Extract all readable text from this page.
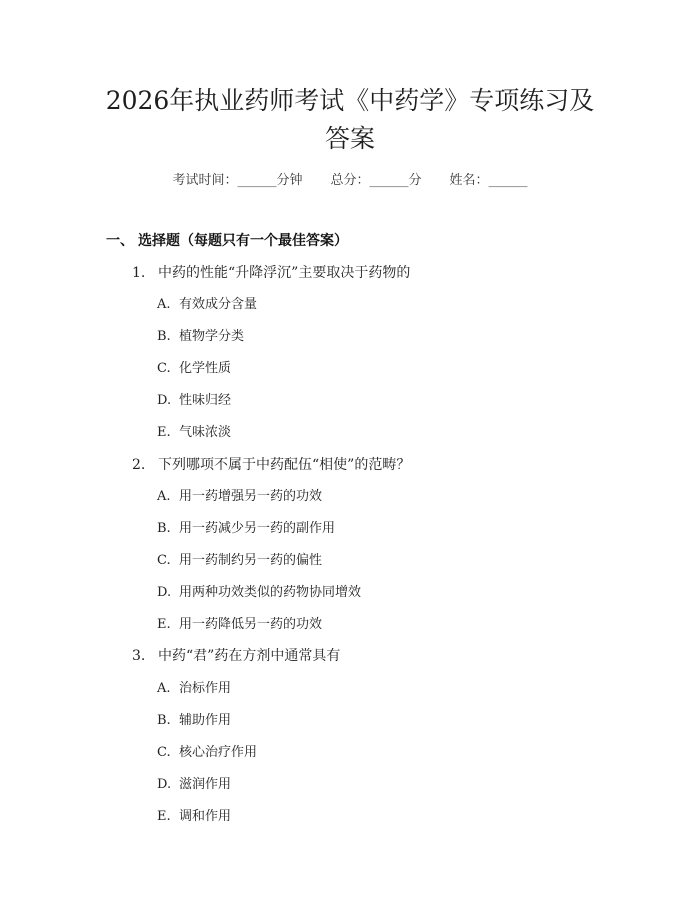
2026年执业药师考试《中药学》专项练习及
答案
考试时间：______分钟 总分：______分 姓名：______
一、 选择题（每题只有一个最佳答案）
1. 中药的性能“升降浮沉”主要取决于药物的
A. 有效成分含量
B. 植物学分类
C. 化学性质
D. 性味归经
E. 气味浓淡
2. 下列哪项不属于中药配伍“相使”的范畴？
A. 用一药增强另一药的功效
B. 用一药减少另一药的副作用
C. 用一药制约另一药的偏性
D. 用两种功效类似的药物协同增效
E. 用一药降低另一药的功效
3. 中药“君”药在方剂中通常具有
A. 治标作用
B. 辅助作用
C. 核心治疗作用
D. 滋润作用
E. 调和作用
